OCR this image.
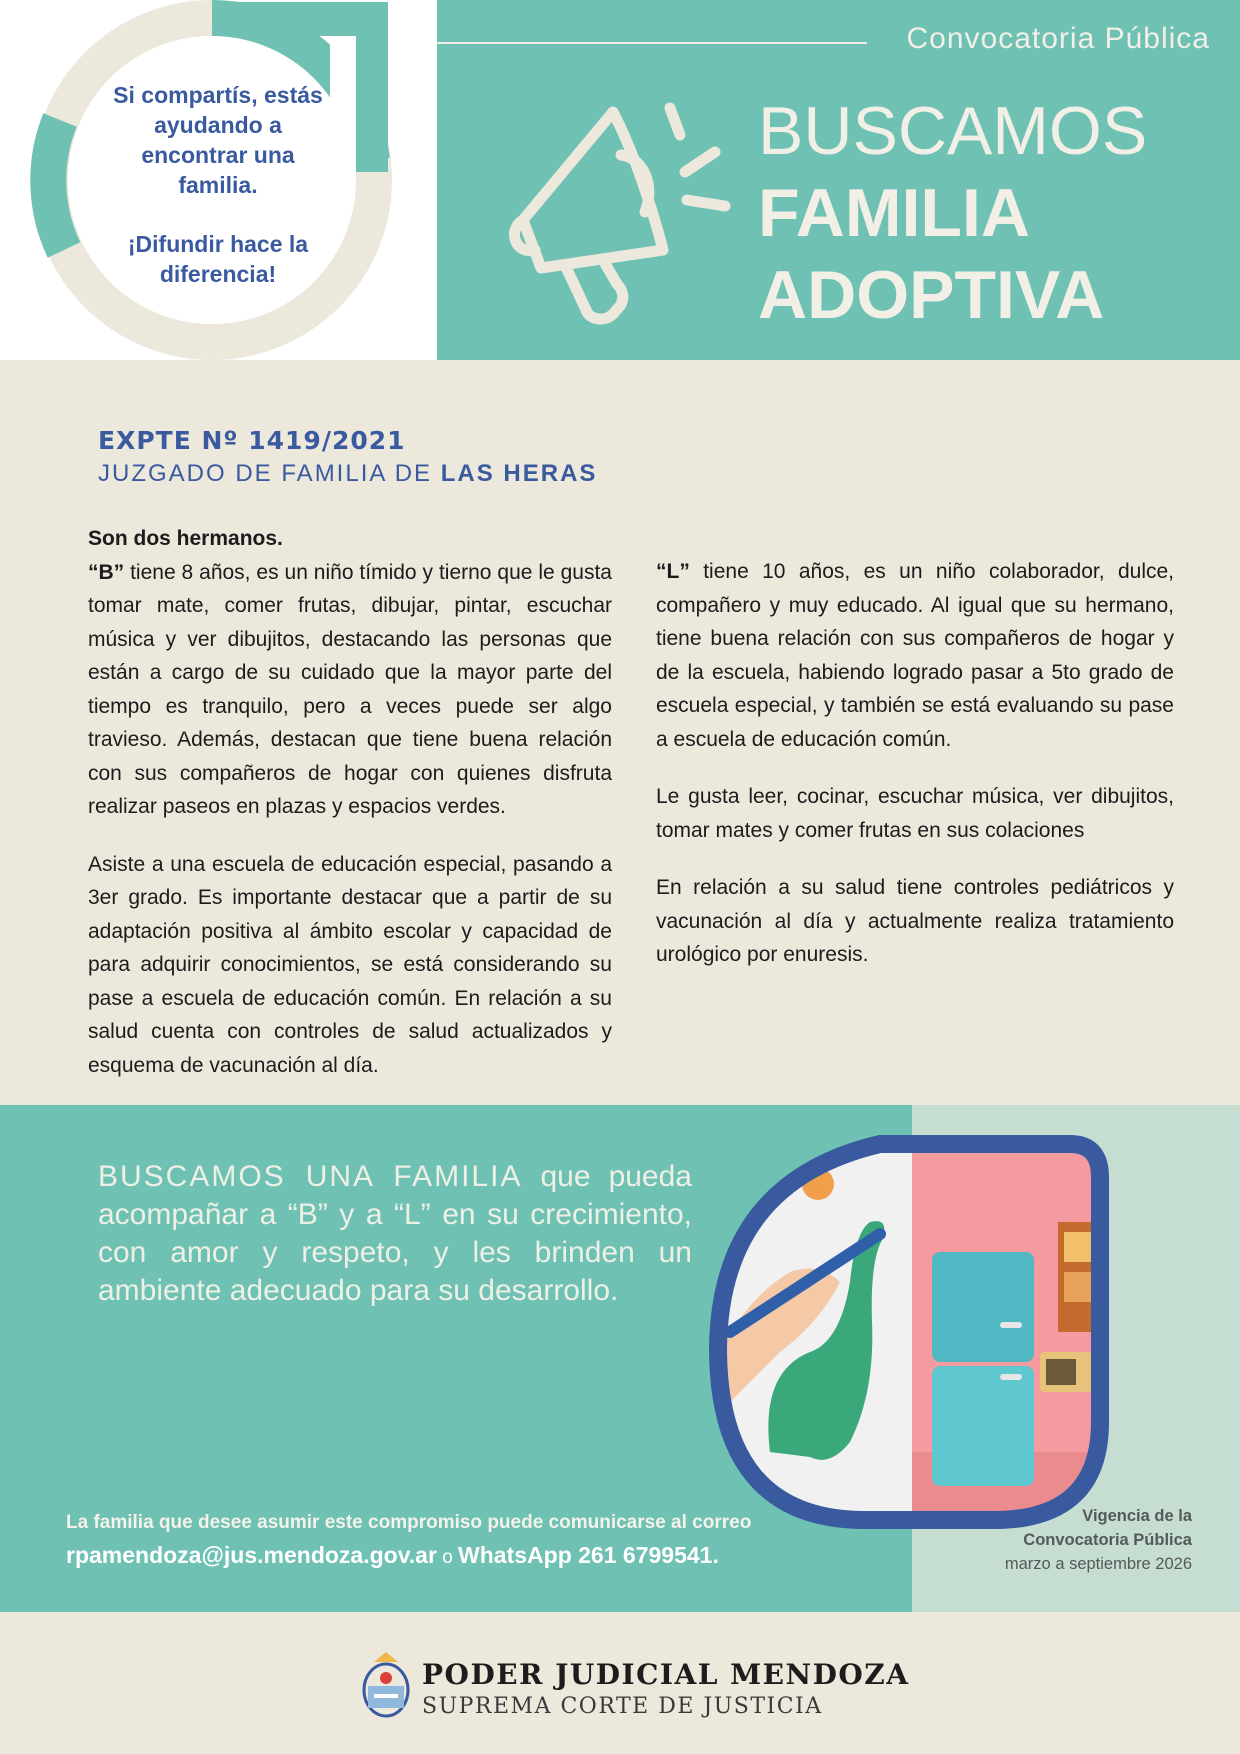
Si compartís, estás ayudando a encontrar una familia.

¡Difundir hace la diferencia!

Convocatoria Pública
BUSCAMOS
FAMILIA
ADOPTIVA
EXPTE Nº 1419/2021
JUZGADO DE FAMILIA DE LAS HERAS
Son dos hermanos.

“B” tiene 8 años, es un niño tímido y tierno que le gusta tomar mate, comer frutas, dibujar, pintar, escuchar música y ver dibujitos, destacando las personas que están a cargo de su cuidado que la mayor parte del tiempo es tranquilo, pero a veces puede ser algo travieso. Además, destacan que tiene buena relación con sus compañeros de hogar con quienes disfruta realizar paseos en plazas y espacios verdes.

Asiste a una escuela de educación especial, pasando a 3er grado. Es importante destacar que a partir de su adaptación positiva al ámbito escolar y capacidad de para adquirir conocimientos, se está considerando su pase a escuela de educación común. En relación a su salud cuenta con controles de salud actualizados y esquema de vacunación al día.

“L” tiene 10 años, es un niño colaborador, dulce, compañero y muy educado. Al igual que su hermano, tiene buena relación con sus compañeros de hogar y de la escuela, habiendo logrado pasar a 5to grado de escuela especial, y también se está evaluando su pase a escuela de educación común.

Le gusta leer, cocinar, escuchar música, ver dibujitos, tomar mates y comer frutas en sus colaciones

En relación a su salud tiene controles pediátricos y vacunación al día y actualmente realiza tratamiento urológico por enuresis.

BUSCAMOS UNA FAMILIA que pueda acompañar a “B” y a “L” en su crecimiento, con amor y respeto, y les brinden un ambiente adecuado para su desarrollo.
La familia que desee asumir este compromiso puede comunicarse al correo
rpamendoza@jus.mendoza.gov.ar o WhatsApp 261 6799541.
Vigencia de la
Convocatoria Pública
marzo a septiembre 2026
PODER JUDICIAL MENDOZA
SUPREMA CORTE DE JUSTICIA
